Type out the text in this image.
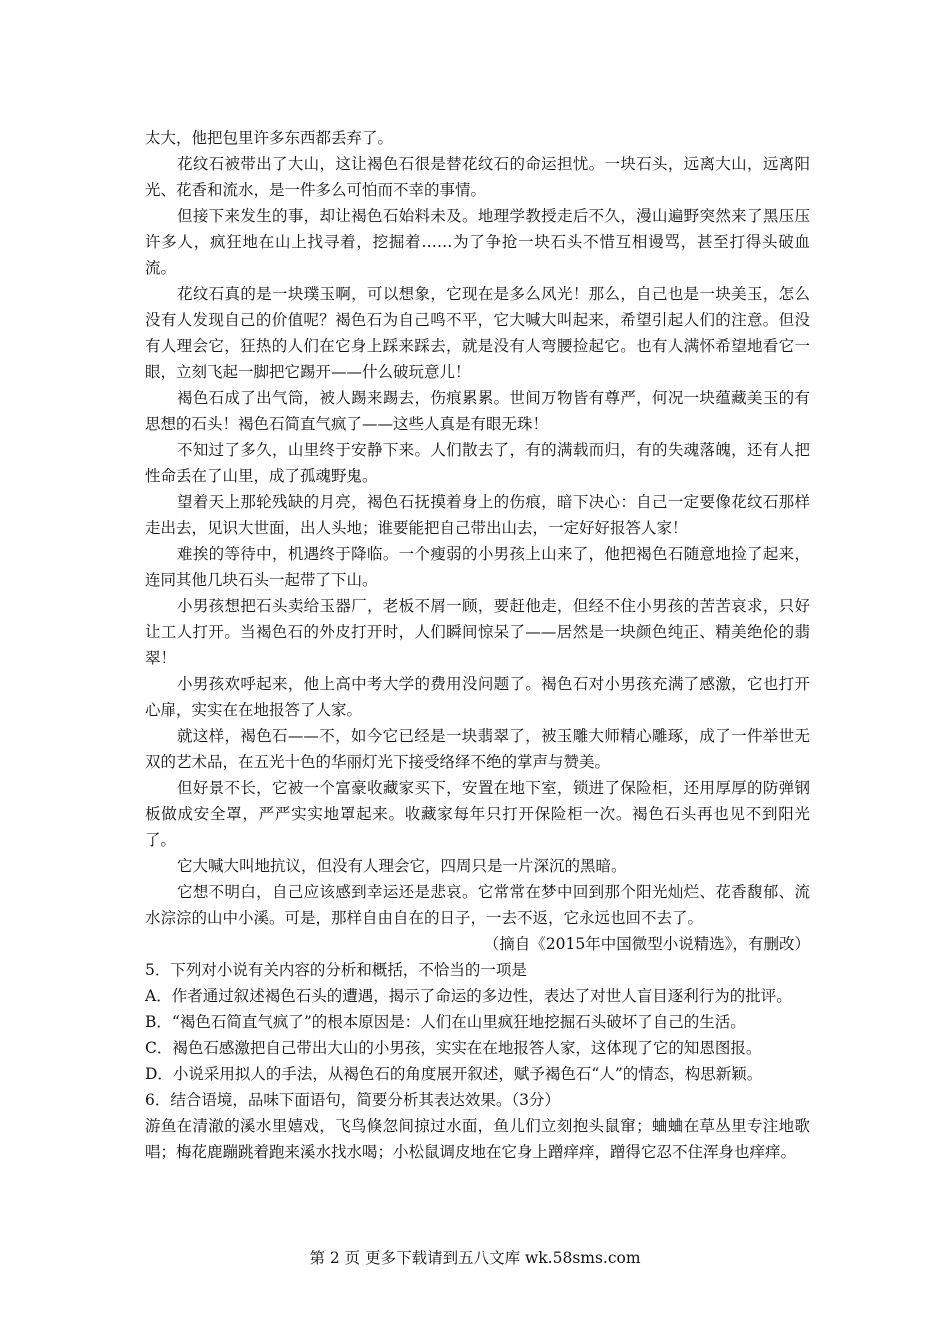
太大，他把包里许多东西都丢弃了。

花纹石被带出了大山，这让褐色石很是替花纹石的命运担忧。一块石头，远离大山，远离阳光、花香和流水，是一件多么可怕而不幸的事情。

但接下来发生的事，却让褐色石始料未及。地理学教授走后不久，漫山遍野突然来了黑压压许多人，疯狂地在山上找寻着，挖掘着……为了争抢一块石头不惜互相谩骂，甚至打得头破血流。

花纹石真的是一块璞玉啊，可以想象，它现在是多么风光！那么，自己也是一块美玉，怎么没有人发现自己的价值呢？褐色石为自己鸣不平，它大喊大叫起来，希望引起人们的注意。但没有人理会它，狂热的人们在它身上踩来踩去，就是没有人弯腰捡起它。也有人满怀希望地看它一眼，立刻飞起一脚把它踢开——什么破玩意儿！

褐色石成了出气筒，被人踢来踢去，伤痕累累。世间万物皆有尊严，何况一块蕴藏美玉的有思想的石头！褐色石简直气疯了——这些人真是有眼无珠！

不知过了多久，山里终于安静下来。人们散去了，有的满载而归，有的失魂落魄，还有人把性命丢在了山里，成了孤魂野鬼。

望着天上那轮残缺的月亮，褐色石抚摸着身上的伤痕，暗下决心：自己一定要像花纹石那样走出去，见识大世面，出人头地；谁要能把自己带出山去，一定好好报答人家！

难挨的等待中，机遇终于降临。一个瘦弱的小男孩上山来了，他把褐色石随意地捡了起来，连同其他几块石头一起带了下山。

小男孩想把石头卖给玉器厂，老板不屑一顾，要赶他走，但经不住小男孩的苦苦哀求，只好让工人打开。当褐色石的外皮打开时，人们瞬间惊呆了——居然是一块颜色纯正、精美绝伦的翡翠！

小男孩欢呼起来，他上高中考大学的费用没问题了。褐色石对小男孩充满了感激，它也打开心扉，实实在在地报答了人家。

就这样，褐色石——不，如今它已经是一块翡翠了，被玉雕大师精心雕琢，成了一件举世无双的艺术品，在五光十色的华丽灯光下接受络绎不绝的掌声与赞美。

但好景不长，它被一个富豪收藏家买下，安置在地下室，锁进了保险柜，还用厚厚的防弹钢板做成安全罩，严严实实地罩起来。收藏家每年只打开保险柜一次。褐色石头再也见不到阳光了。

它大喊大叫地抗议，但没有人理会它，四周只是一片深沉的黑暗。

它想不明白，自己应该感到幸运还是悲哀。它常常在梦中回到那个阳光灿烂、花香馥郁、流水淙淙的山中小溪。可是，那样自由自在的日子，一去不返，它永远也回不去了。

（摘自《2015年中国微型小说精选》，有删改）

5．下列对小说有关内容的分析和概括，不恰当的一项是

A．作者通过叙述褐色石头的遭遇，揭示了命运的多边性，表达了对世人盲目逐利行为的批评。

B．“褐色石简直气疯了”的根本原因是：人们在山里疯狂地挖掘石头破坏了自己的生活。

C．褐色石感激把自己带出大山的小男孩，实实在在地报答人家，这体现了它的知恩图报。

D．小说采用拟人的手法，从褐色石的角度展开叙述，赋予褐色石“人”的情态，构思新颖。

6．结合语境，品味下面语句，简要分析其表达效果。（3分）

游鱼在清澈的溪水里嬉戏，飞鸟倏忽间掠过水面，鱼儿们立刻抱头鼠窜；蛐蛐在草丛里专注地歌唱；梅花鹿蹦跳着跑来溪水找水喝；小松鼠调皮地在它身上蹭痒痒，蹭得它忍不住浑身也痒痒。

第 2 页 更多下载请到五八文库 wk.58sms.com
